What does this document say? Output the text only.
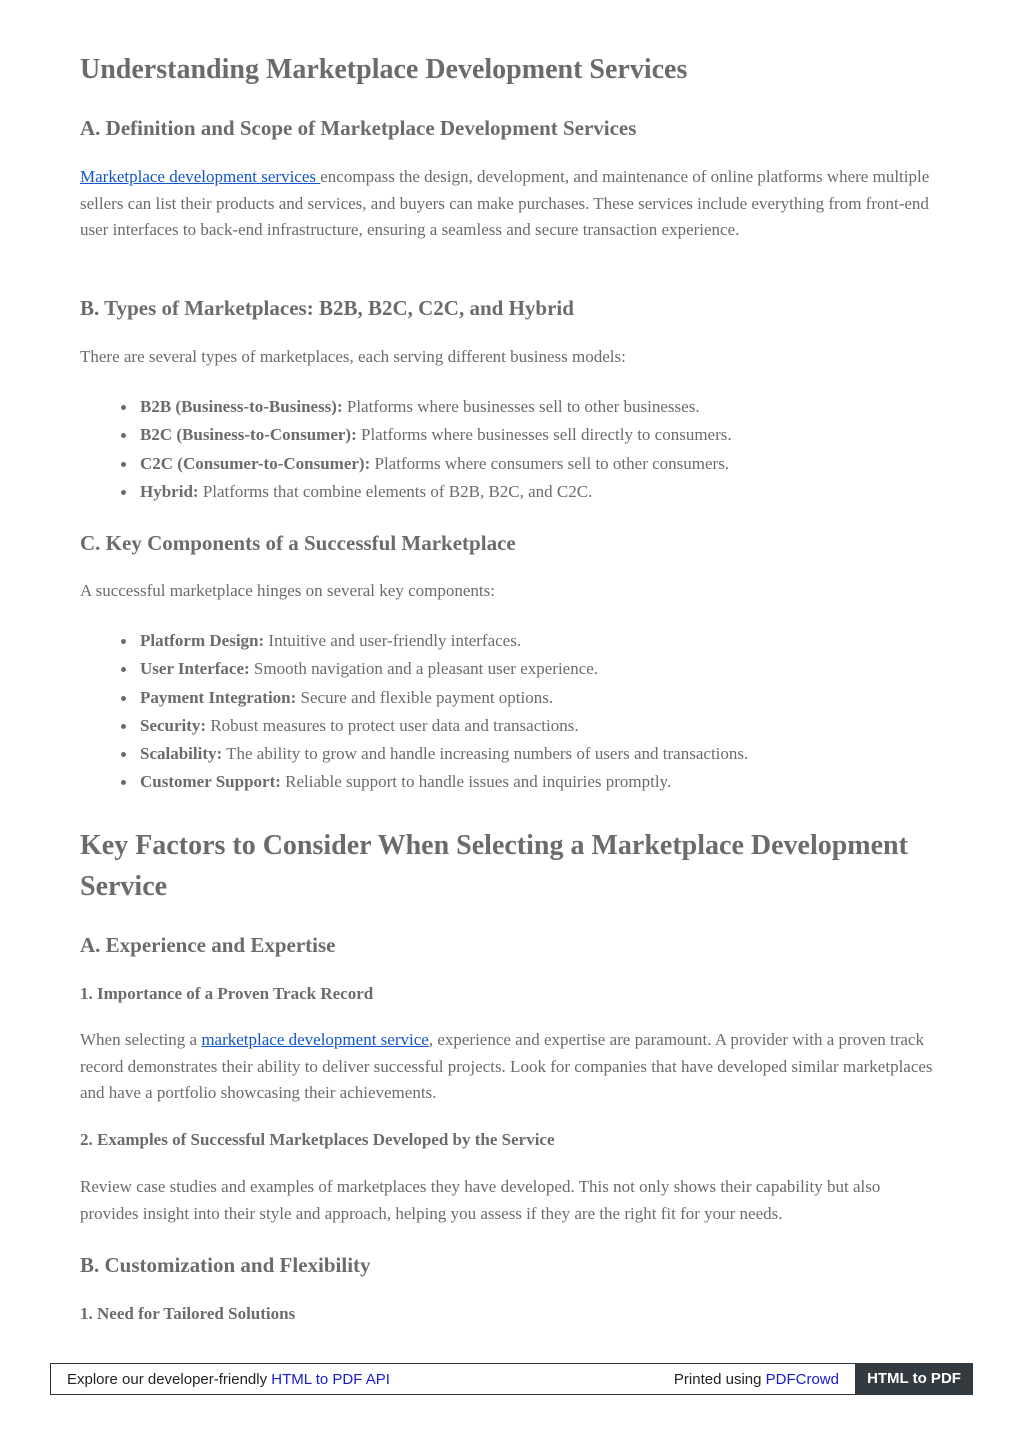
Understanding Marketplace Development Services
A. Definition and Scope of Marketplace Development Services

Marketplace development services encompass the design, development, and maintenance of online platforms where multiple sellers can list their products and services, and buyers can make purchases. These services include everything from front-end user interfaces to back-end infrastructure, ensuring a seamless and secure transaction experience.

B. Types of Marketplaces: B2B, B2C, C2C, and Hybrid

There are several types of marketplaces, each serving different business models:

B2B (Business-to-Business): Platforms where businesses sell to other businesses.
B2C (Business-to-Consumer): Platforms where businesses sell directly to consumers.
C2C (Consumer-to-Consumer): Platforms where consumers sell to other consumers.
Hybrid: Platforms that combine elements of B2B, B2C, and C2C.
C. Key Components of a Successful Marketplace

A successful marketplace hinges on several key components:

Platform Design: Intuitive and user-friendly interfaces.
User Interface: Smooth navigation and a pleasant user experience.
Payment Integration: Secure and flexible payment options.
Security: Robust measures to protect user data and transactions.
Scalability: The ability to grow and handle increasing numbers of users and transactions.
Customer Support: Reliable support to handle issues and inquiries promptly.
Key Factors to Consider When Selecting a Marketplace Development Service
A. Experience and Expertise
1. Importance of a Proven Track Record

When selecting a marketplace development service, experience and expertise are paramount. A provider with a proven track record demonstrates their ability to deliver successful projects. Look for companies that have developed similar marketplaces and have a portfolio showcasing their achievements.

2. Examples of Successful Marketplaces Developed by the Service

Review case studies and examples of marketplaces they have developed. This not only shows their capability but also provides insight into their style and approach, helping you assess if they are the right fit for your needs.

B. Customization and Flexibility
1. Need for Tailored Solutions
Explore our developer-friendly HTML to PDF API	Printed using PDFCrowd	HTML to PDF
